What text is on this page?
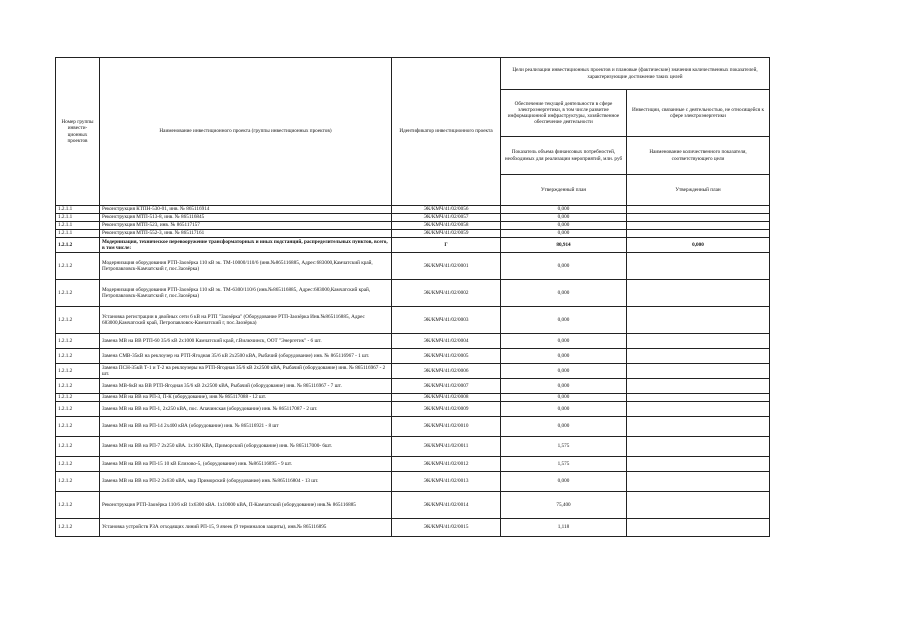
Номер группы инвести-ционных проектов	Наименование инвестиционного проекта (группы инвестиционных проектов)	Идентификатор инвестиционного проекта	Цели реализации инвестиционных проектов и плановые (фактические) значения количественных показателей, характеризующие достижение таких целей	
			Обеспечение текущей деятельности в сфере электроэнергетики, в том числе развитие информационной инфраструктуры, хозяйственное обеспечение деятельности	Инвестиции, связанные с деятельностью, не относящейся к сфере электроэнергетики
			Показатель объема финансовых потребностей, необходимых для реализации мероприятий, млн. руб	Наименование количественного показателя, соответствующего цели
			Утвержденный план	Утвержденный план
1.2.1.1	Реконструкция КТПН-530-01, инв. № 865116914	ЭК/КМЧ/41/02/0056	0,000	
1.2.1.1	Реконструкция МТП-513-8, инв. № 865116845	ЭК/КМЧ/41/02/0057	0,000	
1.2.1.1	Реконструкция МТП-523, инв. № 865117157	ЭК/КМЧ/41/02/0058	0,000	
1.2.1.1	Реконструкция МТП-552-3, инв. № 865117161	ЭК/КМЧ/41/02/0059	0,000	
1.2.1.2	Модернизация, техническое перевооружение трансформаторных и иных подстанций, распределительных пунктов, всего, в том числе:	Г	80,914	0,000
1.2.1.2	Модернизация оборудования РТП-Заозёрка 110 кВ эк. ТМ-10000/110/6 (инв.№865116885, Адрес:683000,Камчатский край, Петропавловск-Камчатский г, пос.Заозёрка)	ЭК/КМЧ/41/02/0001	0,000	
1.2.1.2	Модернизация оборудования РТП-Заозёрка 110 кВ эк. ТМ-6300/110/6 (инв.№865116885, Адрес:683000,Камчатский край, Петропавловск-Камчатский г, пос.Заозёрка)	ЭК/КМЧ/41/02/0002	0,000	
1.2.1.2	Установка регистрации в двойных сети 6 кВ на РТП "Заозёрка" (Оборудование РТП-Заозёрка Инв.№865116885, Адрес 683000,Камчатский край, Петропавловск-Камчатский г, пос.Заозёрка)	ЭК/КМЧ/41/02/0003	0,000	
1.2.1.2	Замена МВ на ВВ РТП-60 35/6 кВ 2х1000 Камчатский край, г.Вилючинск, ООТ "Энергетик" - 6 шт.	ЭК/КМЧ/41/02/0004	0,000	
1.2.1.2	Замена СМВ-35кВ на реклоузер на РТП-Ягодная 35/6 кВ 2х2500 кВА, Рыбачий (оборудование) инв. № 865116967 - 1 шт.	ЭК/КМЧ/41/02/0005	0,000	
1.2.1.2	Замена ПСН-35кВ Т-1 и Т-2 на реклоузеры на РТП-Ягодная 35/6 кВ 2х2500 кВА, Рыбачий (оборудование) инв. № 865116967 - 2 шт.	ЭК/КМЧ/41/02/0006	0,000	
1.2.1.2	Замена МВ-6кВ на ВВ РТП-Ягодная 35/6 кВ 2х2500 кВА, Рыбачий (оборудование) инв. № 865116967 - 7 шт.	ЭК/КМЧ/41/02/0007	0,000	
1.2.1.2	Замена МВ на ВВ на РП-3, П-К (оборудование), инв № 865117088 - 12 шт.	ЭК/КМЧ/41/02/0008	0,000	
1.2.1.2	Замена МВ на ВВ на РП-1, 2х250 кВА, пос. Апачинская (оборудование) инв. № 865117087 - 2 шт.	ЭК/КМЧ/41/02/0009	0,000	
1.2.1.2	Замена МВ на ВВ на РП-14 2х400 кВА (оборудование) инв. № 865116921 - 8 шт	ЭК/КМЧ/41/02/0010	0,000	
1.2.1.2	Замена МВ на ВВ на РП-7 2х250 кВА. 1х160 КВА, Приморский (оборудование) инв. № 865117000- 6шт.	ЭК/КМЧ/41/02/0011	1,575	
1.2.1.2	Замена МВ на ВВ на РП-15 10 кВ Елизово-5, (оборудование) инв. №865116895 - 9 шт.	ЭК/КМЧ/41/02/0012	1,575	
1.2.1.2	Замена МВ на ВВ на РП-2 2х630 кВА, мкр Приморский (оборудование) инв. №865116804 - 13 шт.	ЭК/КМЧ/41/02/0013	0,000	
1.2.1.2	Реконструкция РТП-Заозёрка 110/6 кВ 1х6300 кВА. 1х10000 кВА, П-Камчатский (оборудование) инв.№ 865116885	ЭК/КМЧ/41/02/0014	75,400	
1.2.1.2	Установка устройств РЗА отходящих линий РП-15, 9 ячеек (9 терминалов защиты), инв.№ 865116895	ЭК/КМЧ/41/02/0015	1,118	
